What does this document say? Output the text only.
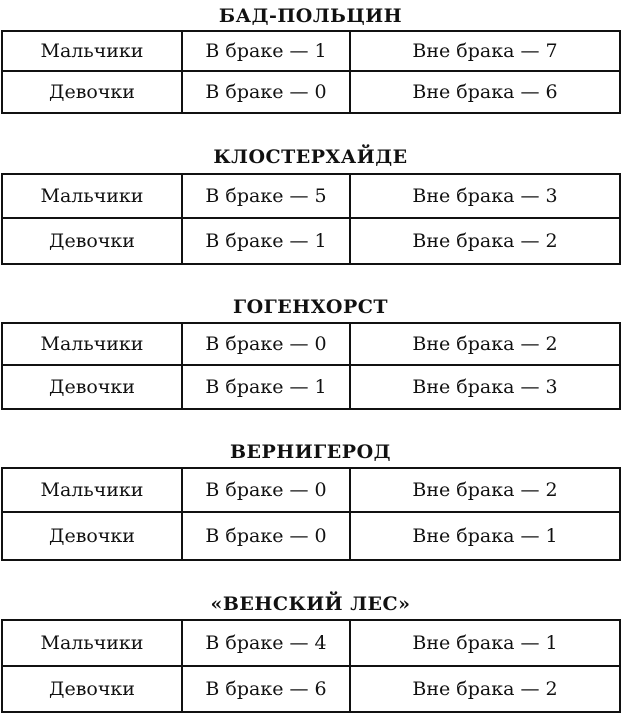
БАД-ПОЛЬЦИН
Мальчики	В браке — 1	Вне брака — 7
Девочки	В браке — 0	Вне брака — 6
КЛОСТЕРХАЙДЕ
Мальчики	В браке — 5	Вне брака — 3
Девочки	В браке — 1	Вне брака — 2
ГОГЕНХОРСТ
Мальчики	В браке — 0	Вне брака — 2
Девочки	В браке — 1	Вне брака — 3
ВЕРНИГЕРОД
Мальчики	В браке — 0	Вне брака — 2
Девочки	В браке — 0	Вне брака — 1
«ВЕНСКИЙ ЛЕС»
Мальчики	В браке — 4	Вне брака — 1
Девочки	В браке — 6	Вне брака — 2
